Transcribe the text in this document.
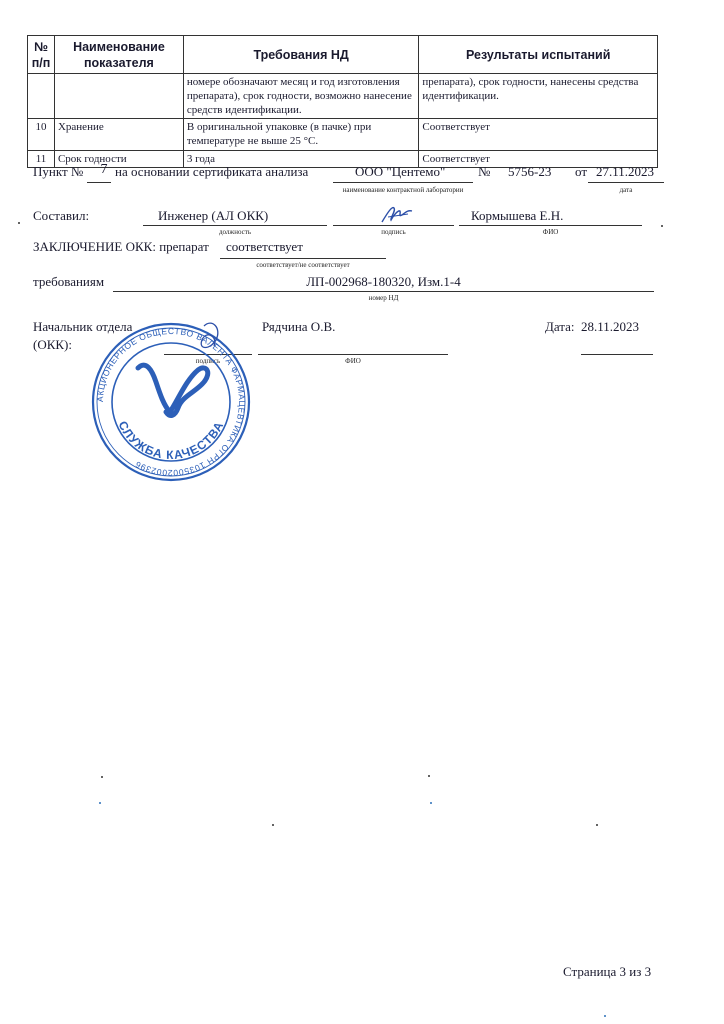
№ п/п	Наименование показателя	Требования НД	Результаты испытаний
		номере обозначают месяц и год изготовления препарата), срок годности, возможно нанесение средств идентификации.	препарата), срок годности, нанесены средства идентификации.
10	Хранение	В оригинальной упаковке (в пачке) при температуре не выше 25 °С.	Соответствует
11	Срок годности	3 года	Соответствует
Пункт №	7 на основании сертификата анализа	ООО "Центемо"
наименование контрактной лаборатории
№ 5756-23 от 27.11.2023
дата
Составил:	Инженер (АЛ ОКК)
должность	подпись
Кормышева Е.Н.
ФИО
ЗАКЛЮЧЕНИЕ ОКК: препарат соответствует
соответствует/не соответствует
требованиям	ЛП-002968-180320, Изм.1-4
номер НД
Начальник отдела
(ОКК):
подпись
Рядчина О.В.
ФИО
Дата: 28.11.2023
АКЦИОНЕРНОЕ ОБЩЕСТВО ВАЛЕНТА ФАРМАЦЕВТИКА ОГРН 1035002002396
СЛУЖБА КАЧЕСТВА
Страница 3 из 3
